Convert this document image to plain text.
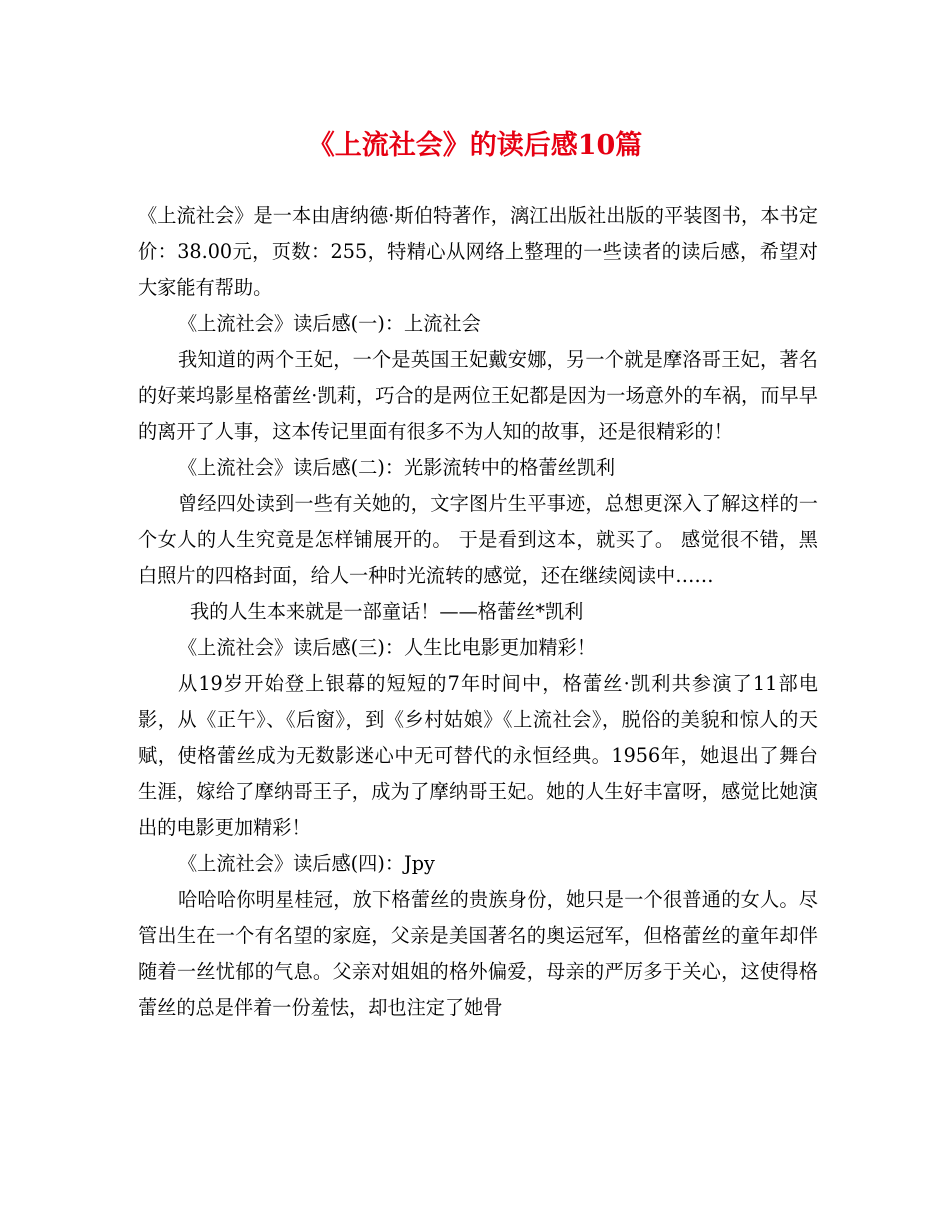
《上流社会》的读后感10篇

《上流社会》是一本由唐纳德·斯伯特著作，漓江出版社出版的平装图书，本书定价：38.00元，页数：255，特精心从网络上整理的一些读者的读后感，希望对大家能有帮助。

《上流社会》读后感(一)：上流社会

我知道的两个王妃，一个是英国王妃戴安娜，另一个就是摩洛哥王妃，著名的好莱坞影星格蕾丝·凯莉，巧合的是两位王妃都是因为一场意外的车祸，而早早的离开了人事，这本传记里面有很多不为人知的故事，还是很精彩的！

《上流社会》读后感(二)：光影流转中的格蕾丝凯利

曾经四处读到一些有关她的，文字图片生平事迹，总想更深入了解这样的一个女人的人生究竟是怎样铺展开的。 于是看到这本，就买了。 感觉很不错，黑白照片的四格封面，给人一种时光流转的感觉，还在继续阅读中……

我的人生本来就是一部童话！——格蕾丝*凯利

《上流社会》读后感(三)：人生比电影更加精彩！

从19岁开始登上银幕的短短的7年时间中，格蕾丝·凯利共参演了11部电影，从《正午》、《后窗》，到《乡村姑娘》《上流社会》，脱俗的美貌和惊人的天赋，使格蕾丝成为无数影迷心中无可替代的永恒经典。1956年，她退出了舞台生涯，嫁给了摩纳哥王子，成为了摩纳哥王妃。她的人生好丰富呀，感觉比她演出的电影更加精彩！

《上流社会》读后感(四)：Jpy

哈哈哈你明星桂冠，放下格蕾丝的贵族身份，她只是一个很普通的女人。尽管出生在一个有名望的家庭，父亲是美国著名的奥运冠军，但格蕾丝的童年却伴随着一丝忧郁的气息。父亲对姐姐的格外偏爱，母亲的严厉多于关心，这使得格蕾丝的总是伴着一份羞怯，却也注定了她骨
